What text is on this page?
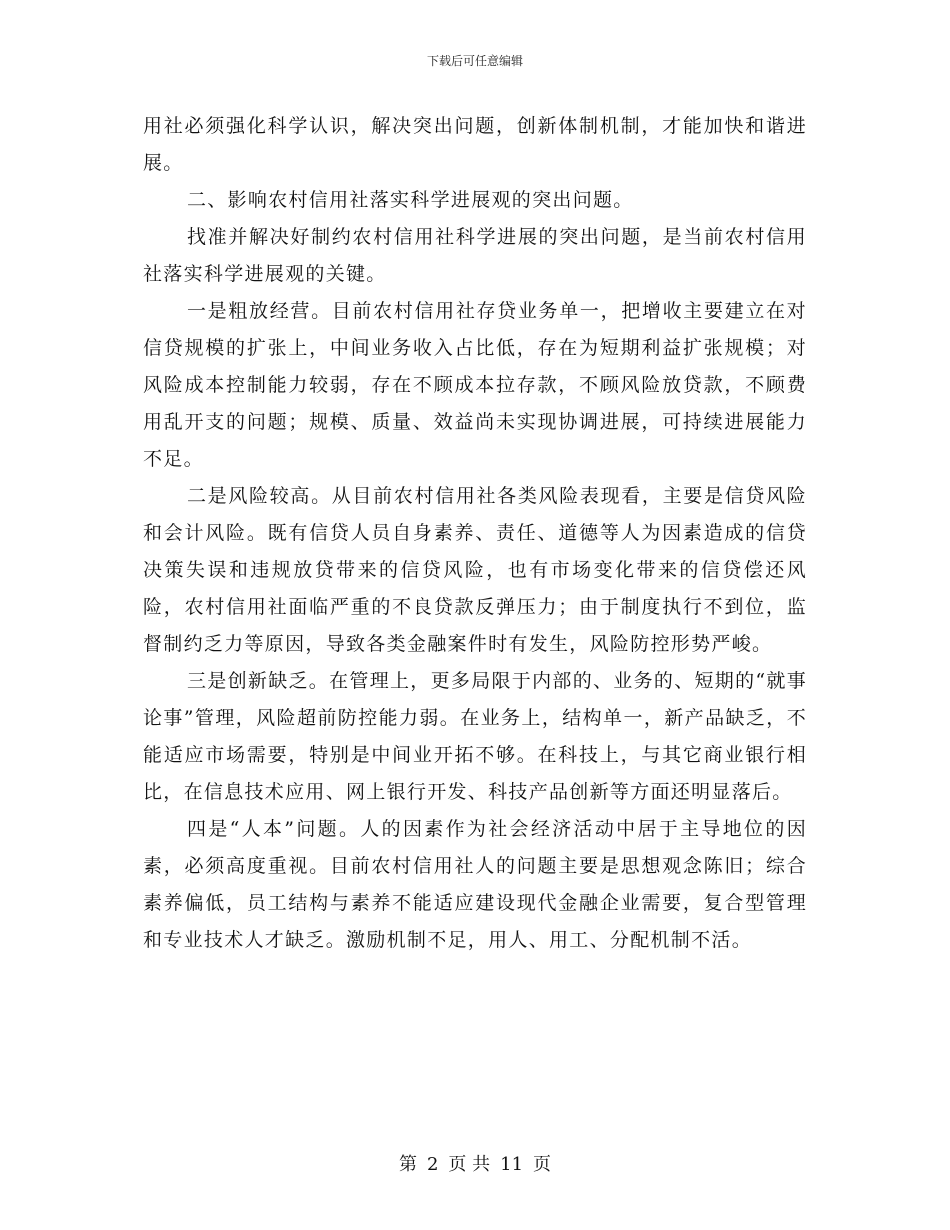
下载后可任意编辑

用社必须强化科学认识，解决突出问题，创新体制机制，才能加快和谐进展。

二、影响农村信用社落实科学进展观的突出问题。

找准并解决好制约农村信用社科学进展的突出问题，是当前农村信用社落实科学进展观的关键。

一是粗放经营。目前农村信用社存贷业务单一，把增收主要建立在对信贷规模的扩张上，中间业务收入占比低，存在为短期利益扩张规模；对风险成本控制能力较弱，存在不顾成本拉存款，不顾风险放贷款，不顾费用乱开支的问题；规模、质量、效益尚未实现协调进展，可持续进展能力不足。

二是风险较高。从目前农村信用社各类风险表现看，主要是信贷风险和会计风险。既有信贷人员自身素养、责任、道德等人为因素造成的信贷决策失误和违规放贷带来的信贷风险，也有市场变化带来的信贷偿还风险，农村信用社面临严重的不良贷款反弹压力；由于制度执行不到位，监督制约乏力等原因，导致各类金融案件时有发生，风险防控形势严峻。

三是创新缺乏。在管理上，更多局限于内部的、业务的、短期的“就事论事”管理，风险超前防控能力弱。在业务上，结构单一，新产品缺乏，不能适应市场需要，特别是中间业开拓不够。在科技上，与其它商业银行相比，在信息技术应用、网上银行开发、科技产品创新等方面还明显落后。

四是“人本”问题。人的因素作为社会经济活动中居于主导地位的因素，必须高度重视。目前农村信用社人的问题主要是思想观念陈旧；综合素养偏低，员工结构与素养不能适应建设现代金融企业需要，复合型管理和专业技术人才缺乏。激励机制不足，用人、用工、分配机制不活。

第 2 页 共 11 页
